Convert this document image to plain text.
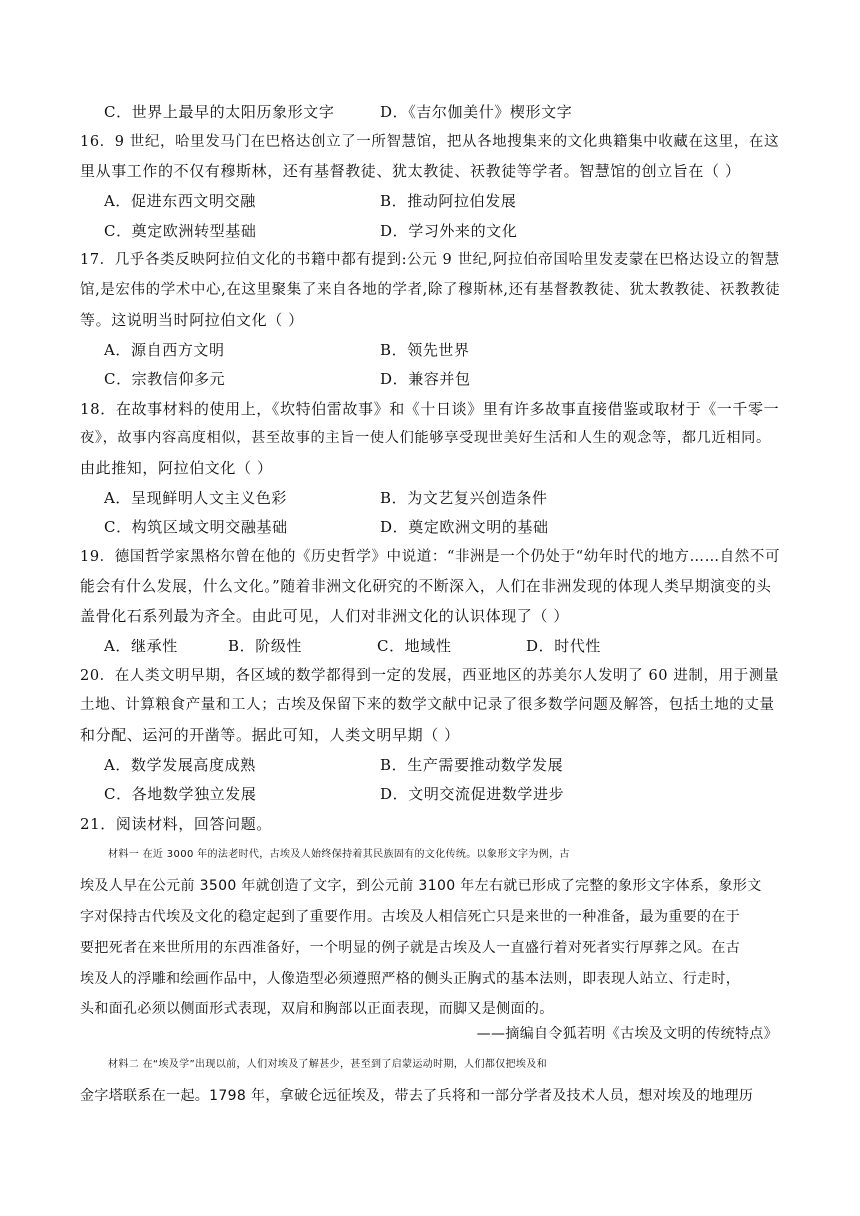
C．世界上最早的太阳历象形文字	D．《吉尔伽美什》楔形文字
16．9 世纪，哈里发马门在巴格达创立了一所智慧馆，把从各地搜集来的文化典籍集中收藏在这里，在这
里从事工作的不仅有穆斯林，还有基督教徒、犹太教徒、祆教徒等学者。智慧馆的创立旨在（ ）
A．促进东西文明交融	B．推动阿拉伯发展
C．奠定欧洲转型基础	D．学习外来的文化
17．几乎各类反映阿拉伯文化的书籍中都有提到:公元 9 世纪,阿拉伯帝国哈里发麦蒙在巴格达设立的智慧
馆,是宏伟的学术中心,在这里聚集了来自各地的学者,除了穆斯林,还有基督教教徒、犹太教教徒、祆教教徒
等。这说明当时阿拉伯文化（ ）
A．源自西方文明	B．领先世界
C．宗教信仰多元	D．兼容并包
18．在故事材料的使用上，《坎特伯雷故事》和《十日谈》里有许多故事直接借鉴或取材于《一千零一
夜》，故事内容高度相似，甚至故事的主旨一使人们能够享受现世美好生活和人生的观念等，都几近相同。
由此推知，阿拉伯文化（ ）
A．呈现鲜明人文主义色彩	B．为文艺复兴创造条件
C．构筑区域文明交融基础	D．奠定欧洲文明的基础
19．德国哲学家黑格尔曾在他的《历史哲学》中说道：“非洲是一个仍处于“幼年时代的地方……自然不可
能会有什么发展，什么文化。”随着非洲文化研究的不断深入，人们在非洲发现的体现人类早期演变的头
盖骨化石系列最为齐全。由此可见，人们对非洲文化的认识体现了（ ）
A．继承性	B．阶级性	C．地域性	D．时代性
20．在人类文明早期，各区域的数学都得到一定的发展，西亚地区的苏美尔人发明了 60 进制，用于测量
土地、计算粮食产量和工人；古埃及保留下来的数学文献中记录了很多数学问题及解答，包括土地的丈量
和分配、运河的开凿等。据此可知，人类文明早期（ ）
A．数学发展高度成熟	B．生产需要推动数学发展
C．各地数学独立发展	D．文明交流促进数学进步
21．阅读材料，回答问题。
材料一 在近 3000 年的法老时代，古埃及人始终保持着其民族固有的文化传统。以象形文字为例，古
埃及人早在公元前 3500 年就创造了文字，到公元前 3100 年左右就已形成了完整的象形文字体系，象形文
字对保持古代埃及文化的稳定起到了重要作用。古埃及人相信死亡只是来世的一种准备，最为重要的在于
要把死者在来世所用的东西准备好，一个明显的例子就是古埃及人一直盛行着对死者实行厚葬之风。在古
埃及人的浮雕和绘画作品中，人像造型必须遵照严格的侧头正胸式的基本法则，即表现人站立、行走时，
头和面孔必须以侧面形式表现，双肩和胸部以正面表现，而脚又是侧面的。
——摘编自令狐若明《古埃及文明的传统特点》
材料二 在“埃及学”出现以前，人们对埃及了解甚少，甚至到了启蒙运动时期，人们都仅把埃及和
金字塔联系在一起。1798 年，拿破仑远征埃及，带去了兵将和一部分学者及技术人员，想对埃及的地理历
